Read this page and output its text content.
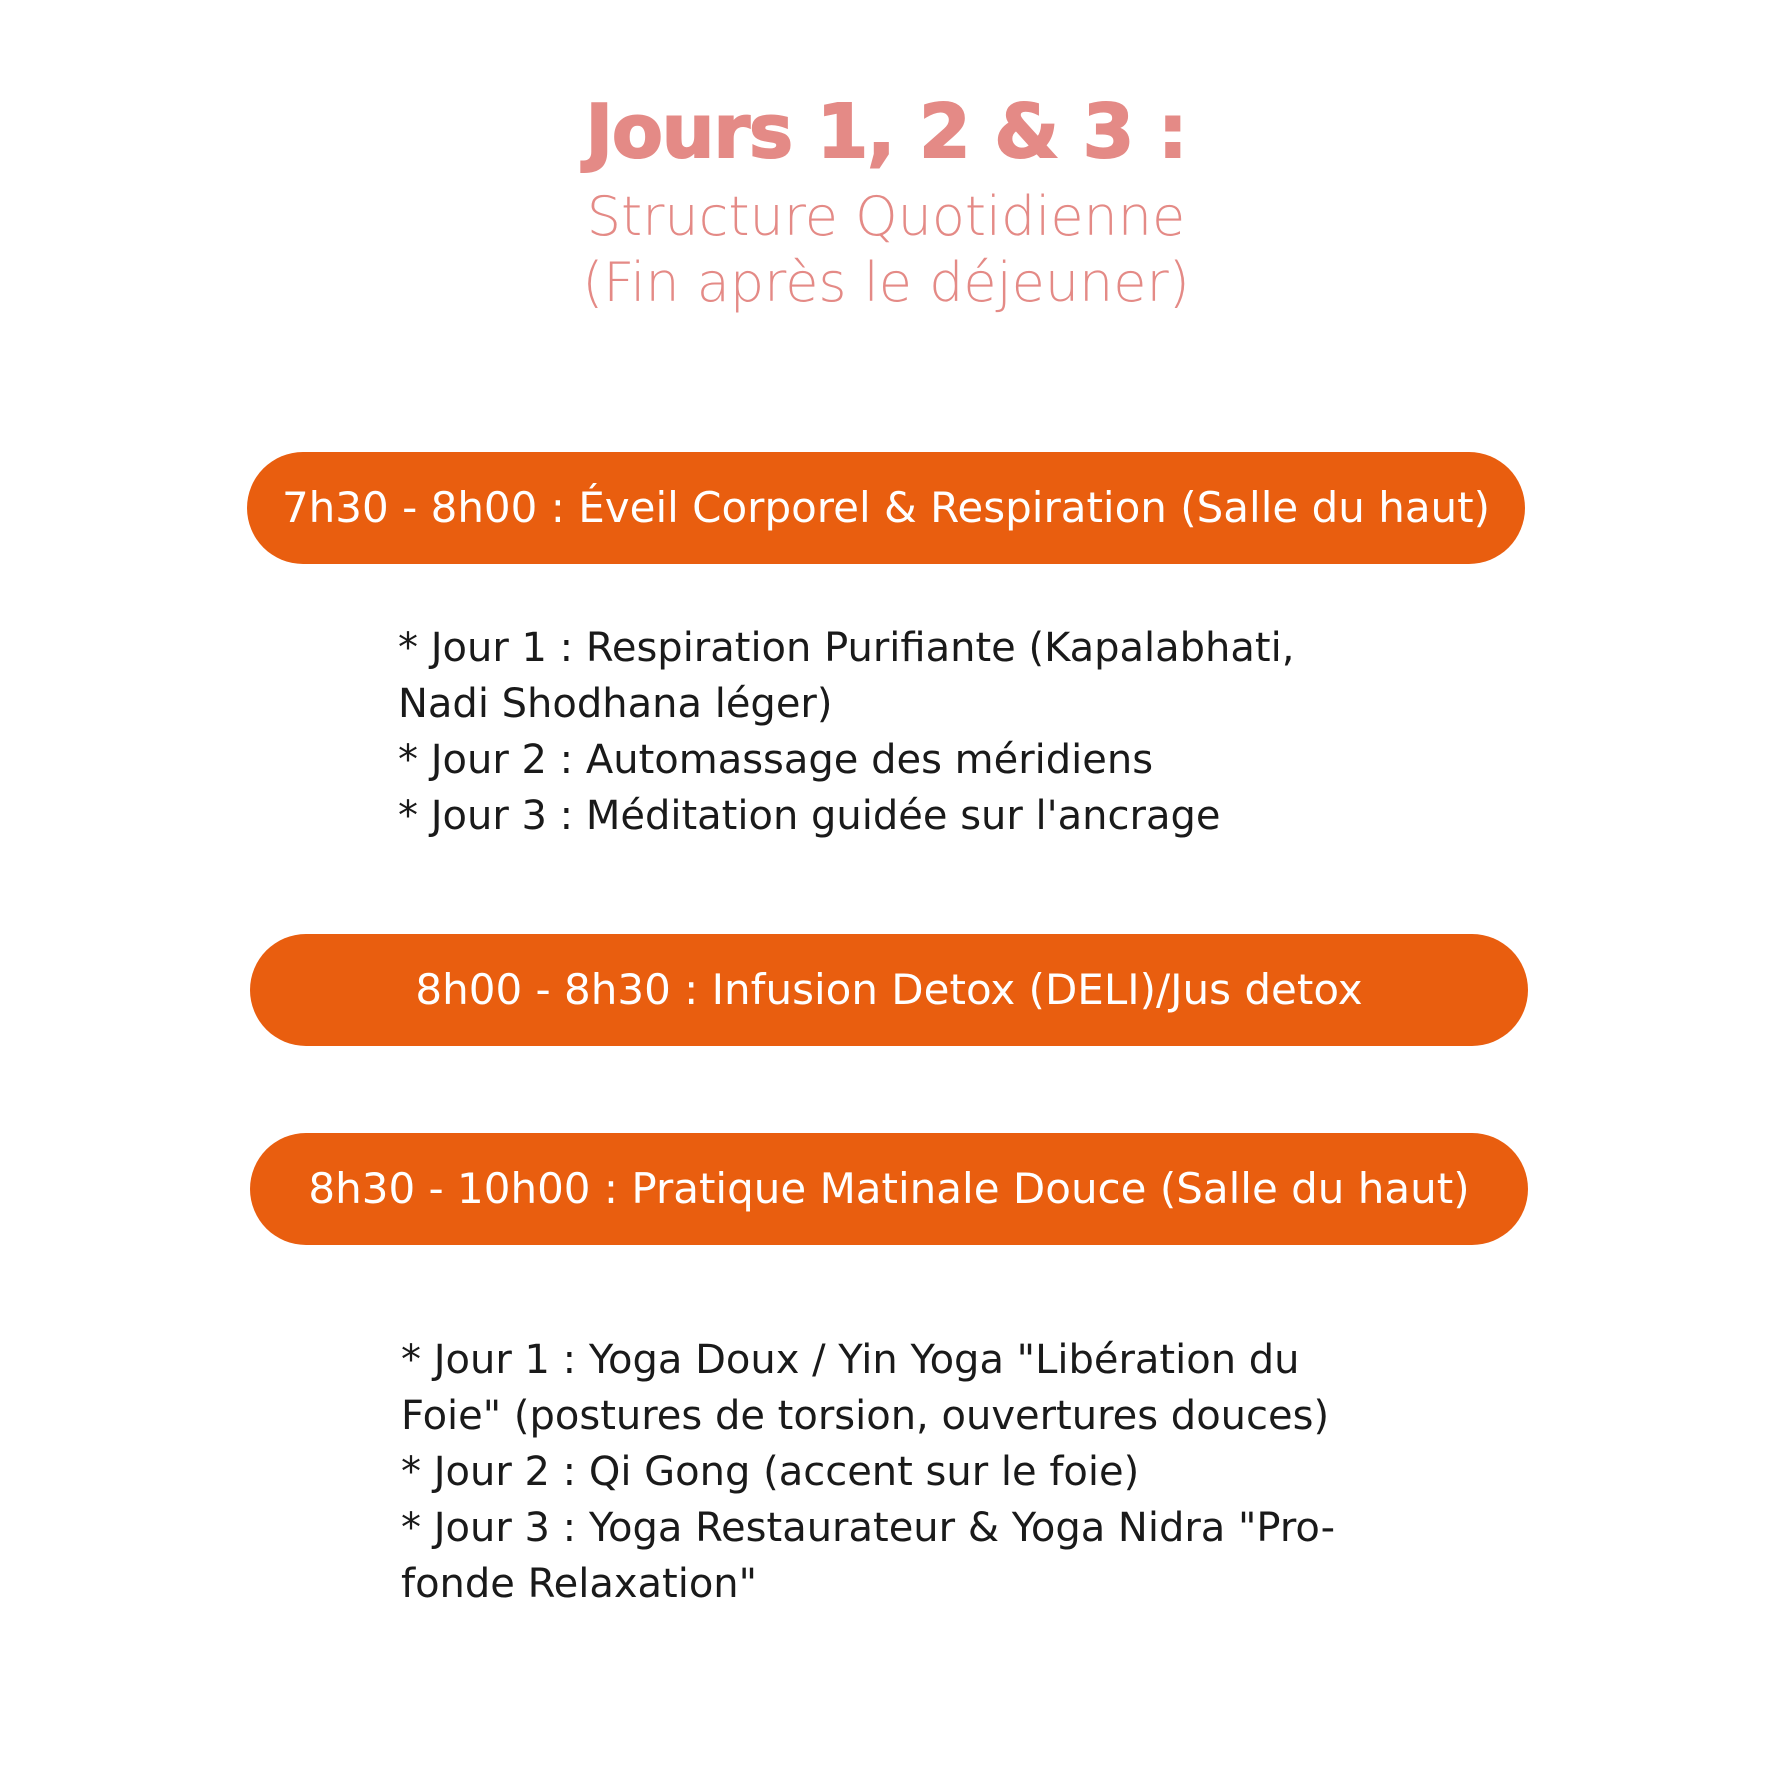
Jours 1, 2 & 3 :
Structure Quotidienne
(Fin après le déjeuner)
7h30 - 8h00 : Éveil Corporel & Respiration (Salle du haut)
* Jour 1 : Respiration Purifiante (Kapalabhati,
Nadi Shodhana léger)
* Jour 2 : Automassage des méridiens
* Jour 3 : Méditation guidée sur l'ancrage
8h00 - 8h30 : Infusion Detox (DELI)/Jus detox
8h30 - 10h00 : Pratique Matinale Douce (Salle du haut)
* Jour 1 : Yoga Doux / Yin Yoga "Libération du
Foie" (postures de torsion, ouvertures douces)
* Jour 2 : Qi Gong (accent sur le foie)
* Jour 3 : Yoga Restaurateur & Yoga Nidra "Pro-
fonde Relaxation"
